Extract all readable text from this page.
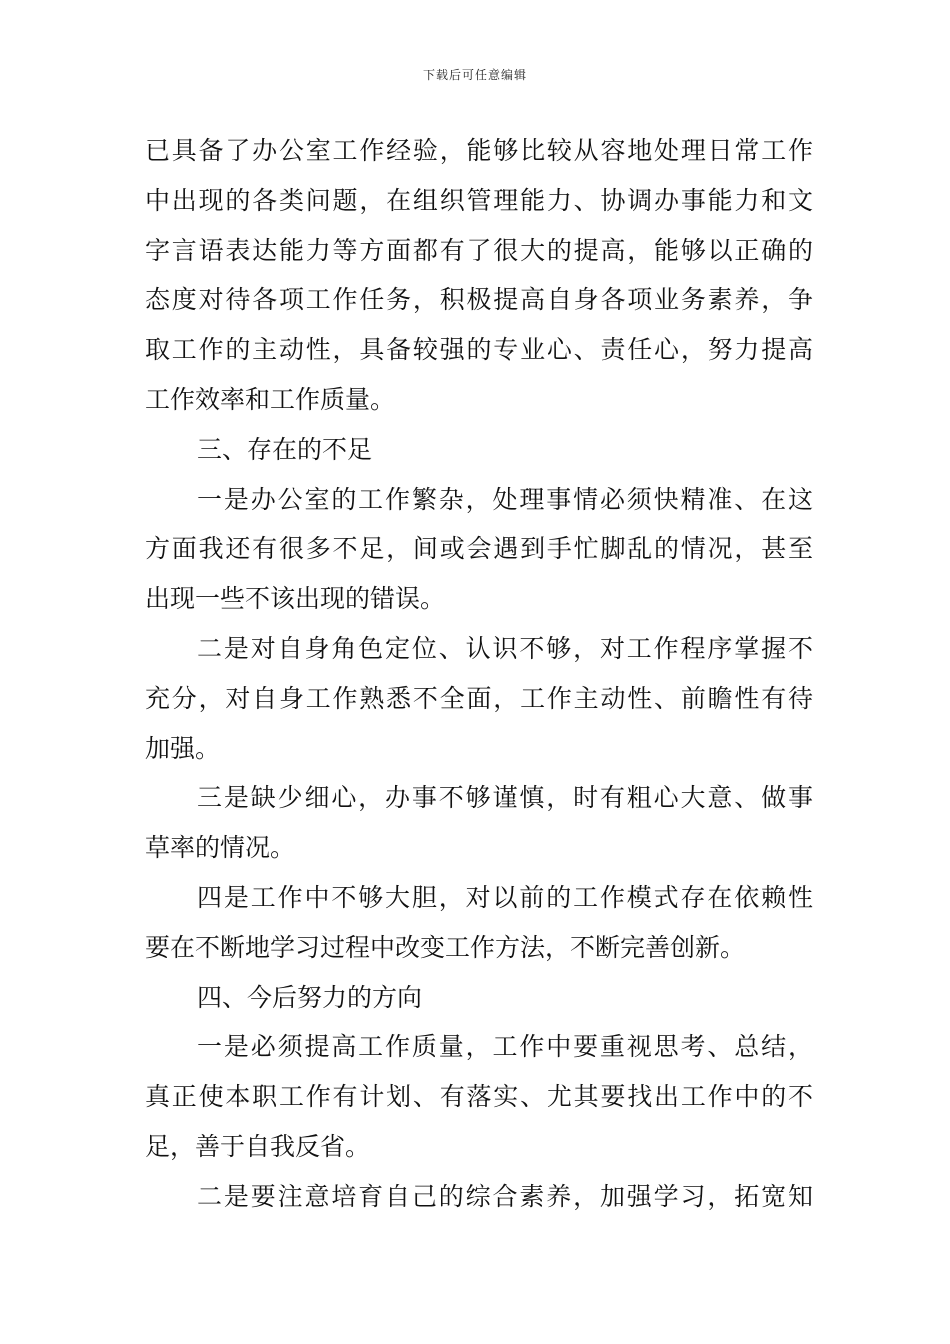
下载后可任意编辑
已具备了办公室工作经验，能够比较从容地处理日常工作
中出现的各类问题，在组织管理能力、协调办事能力和文
字言语表达能力等方面都有了很大的提高，能够以正确的
态度对待各项工作任务，积极提高自身各项业务素养，争
取工作的主动性，具备较强的专业心、责任心，努力提高
工作效率和工作质量。
三、存在的不足
一是办公室的工作繁杂，处理事情必须快精准、在这
方面我还有很多不足，间或会遇到手忙脚乱的情况，甚至
出现一些不该出现的错误。
二是对自身角色定位、认识不够，对工作程序掌握不
充分，对自身工作熟悉不全面，工作主动性、前瞻性有待
加强。
三是缺少细心，办事不够谨慎，时有粗心大意、做事
草率的情况。
四是工作中不够大胆，对以前的工作模式存在依赖性
要在不断地学习过程中改变工作方法，不断完善创新。
四、今后努力的方向
一是必须提高工作质量，工作中要重视思考、总结，
真正使本职工作有计划、有落实、尤其要找出工作中的不
足，善于自我反省。
二是要注意培育自己的综合素养，加强学习，拓宽知
